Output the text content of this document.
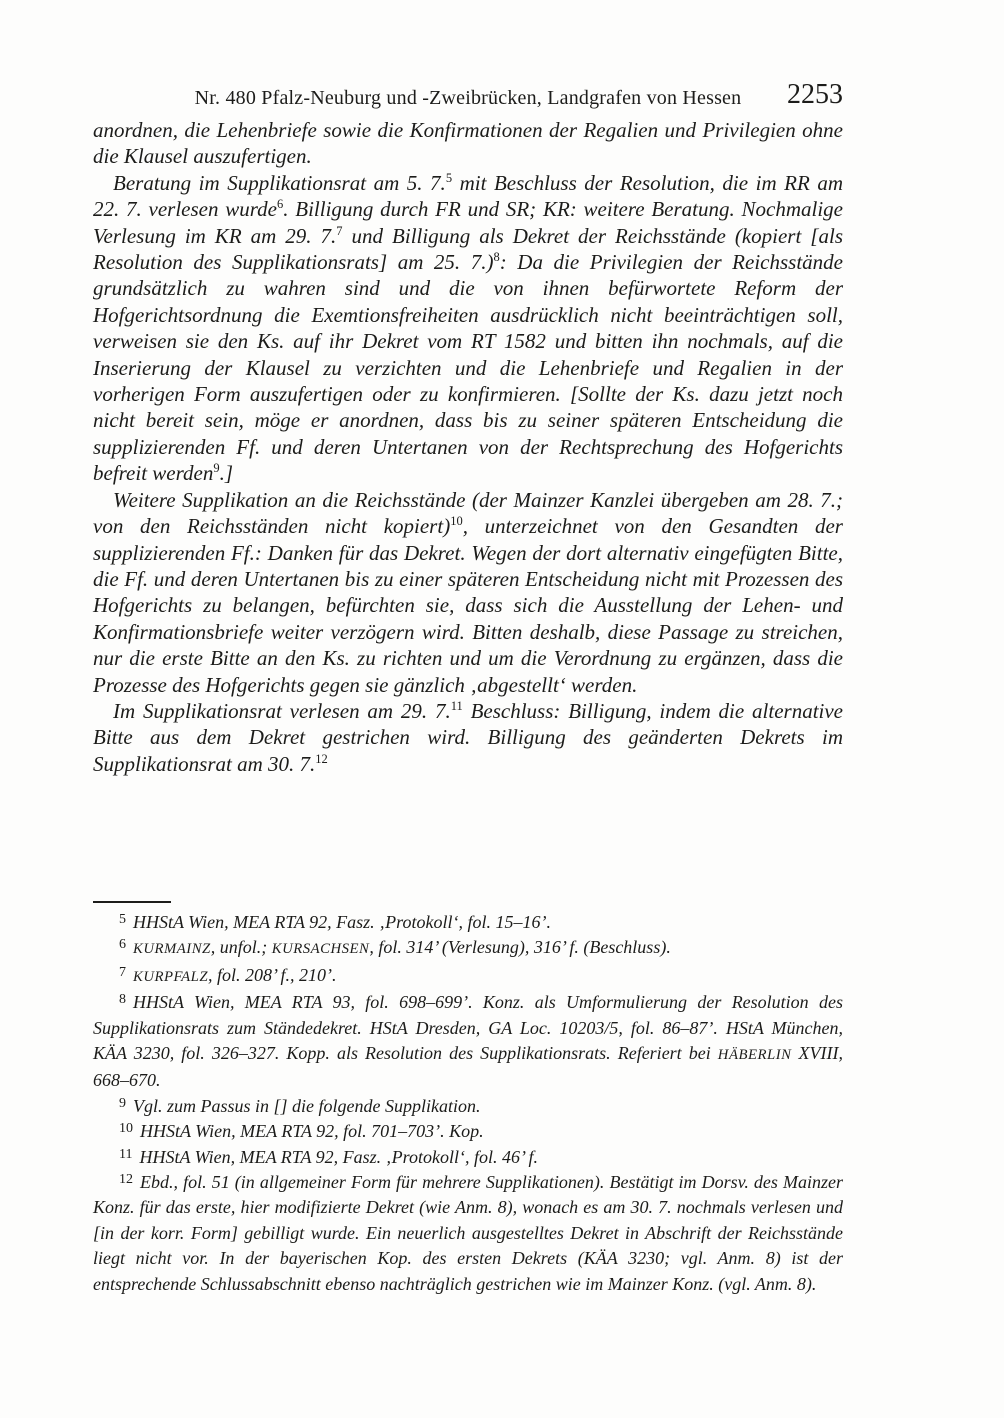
Nr. 480 Pfalz-Neuburg und -Zweibrücken, Landgrafen von Hessen	2253

anordnen, die Lehenbriefe sowie die Konfirmationen der Regalien und Privilegien ohne die Klausel auszufertigen.

Beratung im Supplikationsrat am 5. 7.$^5$ mit Beschluss der Resolution, die im RR am 22. 7. verlesen wurde$^6$. Billigung durch FR und SR; KR: weitere Beratung. Nochmalige Verlesung im KR am 29. 7.$^7$ und Billigung als Dekret der Reichsstände (kopiert [als Resolution des Supplikationsrats] am 25. 7.)$^8$: Da die Privilegien der Reichsstände grundsätzlich zu wahren sind und die von ihnen befürwortete Reform der Hofgerichtsordnung die Exemtionsfreiheiten ausdrücklich nicht beeinträchtigen soll, verweisen sie den Ks. auf ihr Dekret vom RT 1582 und bitten ihn nochmals, auf die Inserierung der Klausel zu verzichten und die Lehenbriefe und Regalien in der vorherigen Form auszufertigen oder zu konfirmieren. [Sollte der Ks. dazu jetzt noch nicht bereit sein, möge er anordnen, dass bis zu seiner späteren Entscheidung die supplizierenden Ff. und deren Untertanen von der Rechtsprechung des Hofgerichts befreit werden$^9$.]

Weitere Supplikation an die Reichsstände (der Mainzer Kanzlei übergeben am 28. 7.; von den Reichsständen nicht kopiert)$^{10}$, unterzeichnet von den Gesandten der supplizierenden Ff.: Danken für das Dekret. Wegen der dort alternativ eingefügten Bitte, die Ff. und deren Untertanen bis zu einer späteren Entscheidung nicht mit Prozessen des Hofgerichts zu belangen, befürchten sie, dass sich die Ausstellung der Lehen- und Konfirmationsbriefe weiter verzögern wird. Bitten deshalb, diese Passage zu streichen, nur die erste Bitte an den Ks. zu richten und um die Verordnung zu ergänzen, dass die Prozesse des Hofgerichts gegen sie gänzlich ‚abgestellt‘ werden.

Im Supplikationsrat verlesen am 29. 7.11 Beschluss: Billigung, indem die alternative Bitte aus dem Dekret gestrichen wird. Billigung des geänderten Dekrets im Supplikationsrat am 30. 7.12

$^5$ HHStA Wien, MEA RTA 92, Fasz. ‚Protokoll‘, fol. 15–16’.

$^6$ KURMAINZ, unfol.; KURSACHSEN, fol. 314’ (Verlesung), 316’ f. (Beschluss).

$^7$ KURPFALZ, fol. 208’ f., 210’.

$^8$ HHStA Wien, MEA RTA 93, fol. 698–699’. Konz. als Umformulierung der Resolution des Supplikationsrats zum Ständedekret. HStA Dresden, GA Loc. 10203/5, fol. 86–87’. HStA München, KÄA 3230, fol. 326–327. Kopp. als Resolution des Supplikationsrats. Referiert bei HÄBERLIN XVIII, 668–670.

$^9$ Vgl. zum Passus in [] die folgende Supplikation.

$^{10}$ HHStA Wien, MEA RTA 92, fol. 701–703’. Kop.

$^{11}$ HHStA Wien, MEA RTA 92, Fasz. ‚Protokoll‘, fol. 46’ f.

$^{12}$ Ebd., fol. 51 (in allgemeiner Form für mehrere Supplikationen). Bestätigt im Dorsv. des Mainzer Konz. für das erste, hier modifizierte Dekret (wie Anm. 8), wonach es am 30. 7. nochmals verlesen und [in der korr. Form] gebilligt wurde. Ein neuerlich ausgestelltes Dekret in Abschrift der Reichsstände liegt nicht vor. In der bayerischen Kop. des ersten Dekrets (KÄA 3230; vgl. Anm. 8) ist der entsprechende Schlussabschnitt ebenso nachträglich gestrichen wie im Mainzer Konz. (vgl. Anm. 8).
